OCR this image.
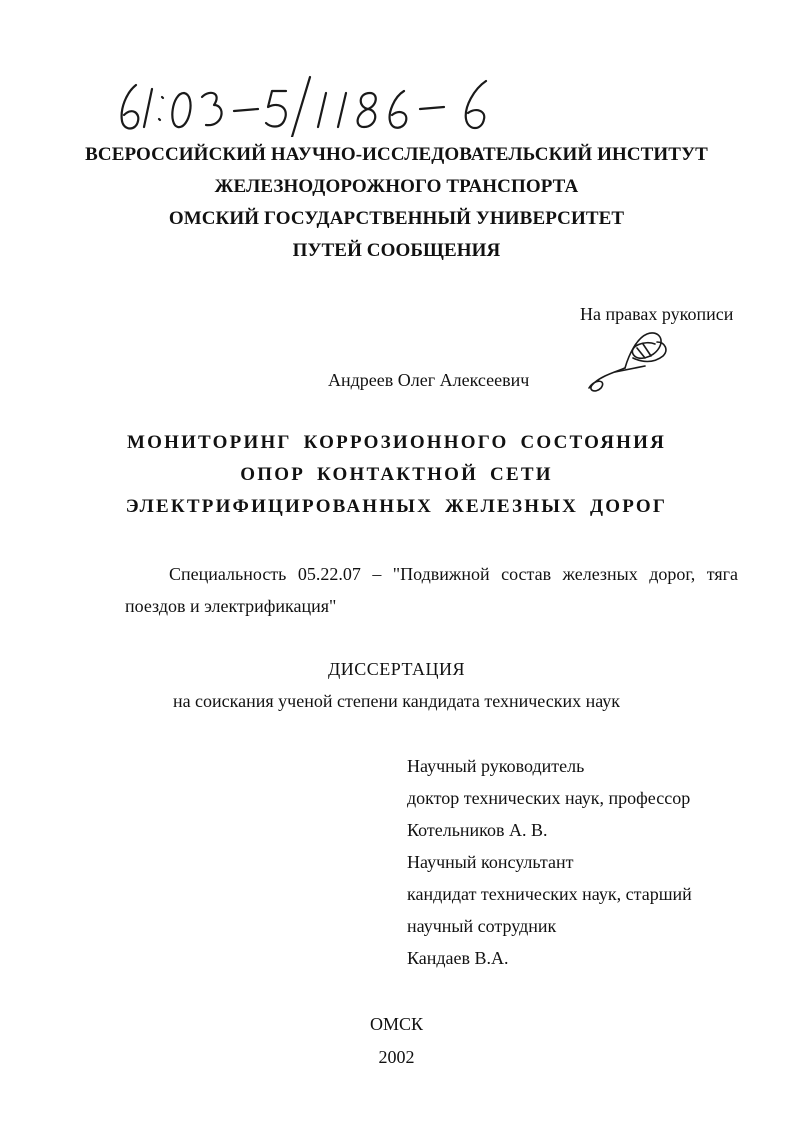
ВСЕРОССИЙСКИЙ НАУЧНО-ИССЛЕДОВАТЕЛЬСКИЙ ИНСТИТУТ
ЖЕЛЕЗНОДОРОЖНОГО ТРАНСПОРТА
ОМСКИЙ ГОСУДАРСТВЕННЫЙ УНИВЕРСИТЕТ
ПУТЕЙ СООБЩЕНИЯ
На правах рукописи
Андреев Олег Алексеевич
МОНИТОРИНГ КОРРОЗИОННОГО СОСТОЯНИЯ
ОПОР КОНТАКТНОЙ СЕТИ
ЭЛЕКТРИФИЦИРОВАННЫХ ЖЕЛЕЗНЫХ ДОРОГ
Специальность 05.22.07 – "Подвижной состав железных дорог, тяга
поездов и электрификация"
ДИССЕРТАЦИЯ
на соискания ученой степени кандидата технических наук
Научный руководитель
доктор технических наук, профессор
Котельников А. В.
Научный консультант
кандидат технических наук, старший
научный сотрудник
Кандаев В.А.
ОМСК
2002
